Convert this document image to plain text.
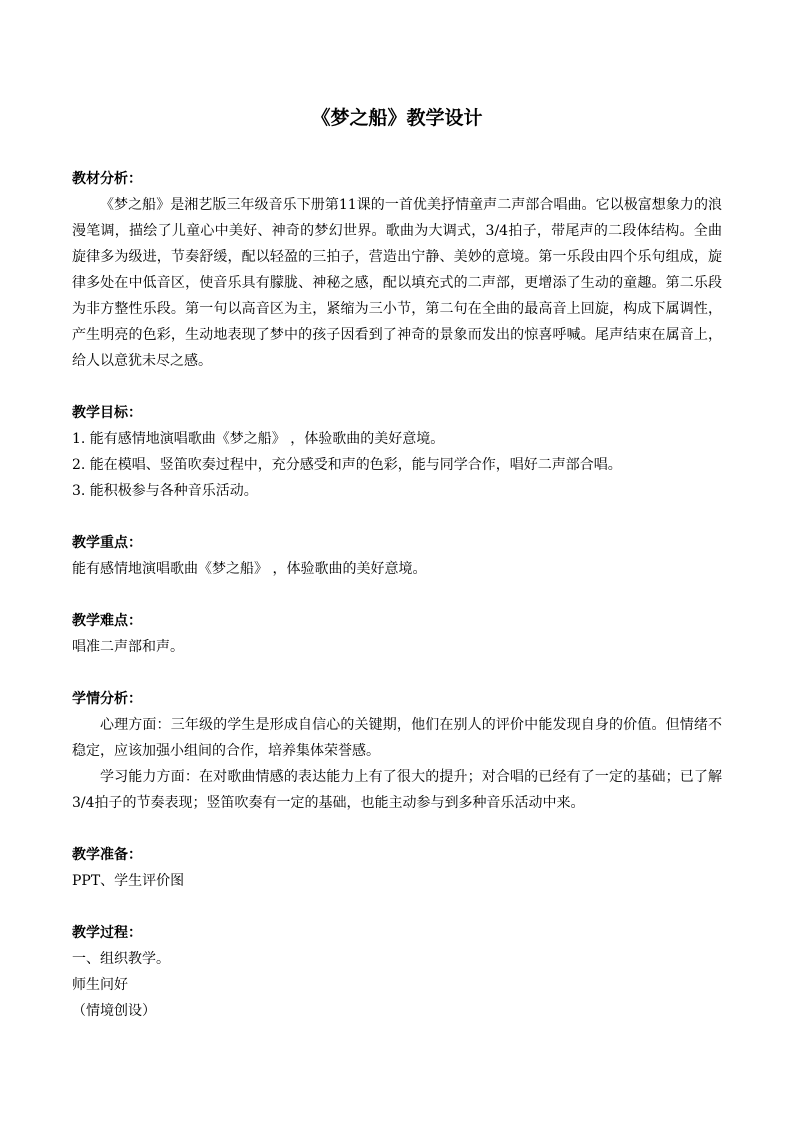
《梦之船》教学设计
教材分析：

《梦之船》是湘艺版三年级音乐下册第11课的一首优美抒情童声二声部合唱曲。它以极富想象力的浪漫笔调，描绘了儿童心中美好、神奇的梦幻世界。歌曲为大调式，3/4拍子，带尾声的二段体结构。全曲旋律多为级进，节奏舒缓，配以轻盈的三拍子，营造出宁静、美妙的意境。第一乐段由四个乐句组成，旋律多处在中低音区，使音乐具有朦胧、神秘之感，配以填充式的二声部，更增添了生动的童趣。第二乐段为非方整性乐段。第一句以高音区为主，紧缩为三小节，第二句在全曲的最高音上回旋，构成下属调性，产生明亮的色彩，生动地表现了梦中的孩子因看到了神奇的景象而发出的惊喜呼喊。尾声结束在属音上，给人以意犹未尽之感。

教学目标：

1. 能有感情地演唱歌曲《梦之船》 ，体验歌曲的美好意境。

2. 能在模唱、竖笛吹奏过程中，充分感受和声的色彩，能与同学合作，唱好二声部合唱。

3. 能积极参与各种音乐活动。

教学重点：

能有感情地演唱歌曲《梦之船》 ，体验歌曲的美好意境。

教学难点：

唱准二声部和声。

学情分析：

心理方面：三年级的学生是形成自信心的关键期，他们在别人的评价中能发现自身的价值。但情绪不稳定，应该加强小组间的合作，培养集体荣誉感。

学习能力方面：在对歌曲情感的表达能力上有了很大的提升；对合唱的已经有了一定的基础；已了解3/4拍子的节奏表现；竖笛吹奏有一定的基础，也能主动参与到多种音乐活动中来。

教学准备：

PPT、学生评价图

教学过程：

一、组织教学。

师生问好

（情境创设）
